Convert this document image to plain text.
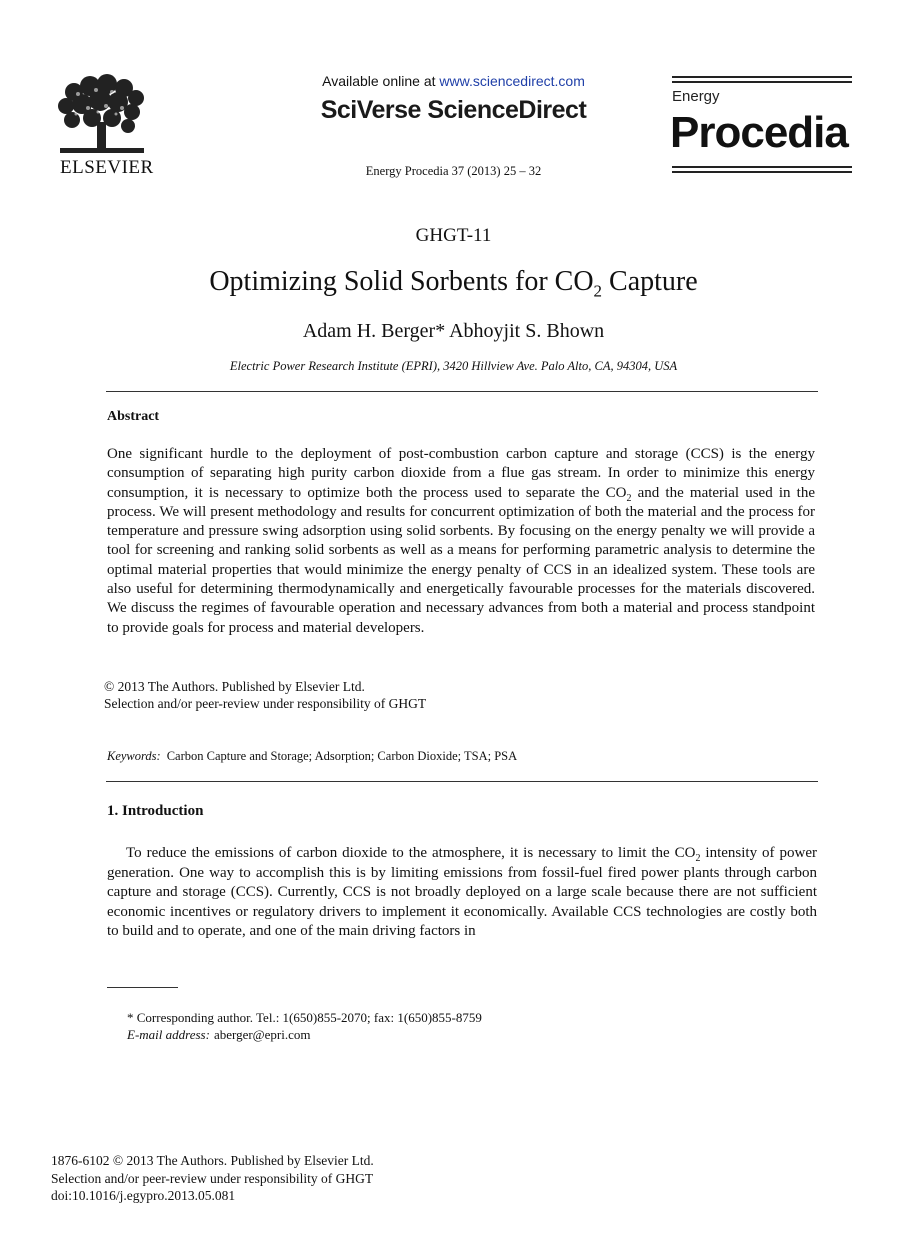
ELSEVIER
Available online at www.sciencedirect.com
SciVerse ScienceDirect
Energy Procedia 37 (2013) 25 – 32
Energy
Procedia
GHGT-11
Optimizing Solid Sorbents for $CO_2$ Capture
Adam H. Berger* Abhoyjit S. Bhown
Electric Power Research Institute (EPRI), 3420 Hillview Ave. Palo Alto, CA, 94304, USA
Abstract
One significant hurdle to the deployment of post-combustion carbon capture and storage (CCS) is the energy consumption of separating high purity carbon dioxide from a flue gas stream. In order to minimize this energy consumption, it is necessary to optimize both the process used to separate the $CO_2$ and the material used in the process. We will present methodology and results for concurrent optimization of both the material and the process for temperature and pressure swing adsorption using solid sorbents. By focusing on the energy penalty we will provide a tool for screening and ranking solid sorbents as well as a means for performing parametric analysis to determine the optimal material properties that would minimize the energy penalty of CCS in an idealized system. These tools are also useful for determining thermodynamically and energetically favourable processes for the materials discovered. We discuss the regimes of favourable operation and necessary advances from both a material and process standpoint to provide goals for process and material developers.
© 2013 The Authors. Published by Elsevier Ltd.
Selection and/or peer-review under responsibility of GHGT
Keywords: Carbon Capture and Storage; Adsorption; Carbon Dioxide; TSA; PSA
1. Introduction
To reduce the emissions of carbon dioxide to the atmosphere, it is necessary to limit the $CO_2$ intensity of power generation. One way to accomplish this is by limiting emissions from fossil-fuel fired power plants through carbon capture and storage (CCS). Currently, CCS is not broadly deployed on a large scale because there are not sufficient economic incentives or regulatory drivers to implement it economically. Available CCS technologies are costly both to build and to operate, and one of the main driving factors in
* Corresponding author. Tel.: 1(650)855-2070; fax: 1(650)855-8759
E-mail address: aberger@epri.com
1876-6102 © 2013 The Authors. Published by Elsevier Ltd.
Selection and/or peer-review under responsibility of GHGT
doi:10.1016/j.egypro.2013.05.081
